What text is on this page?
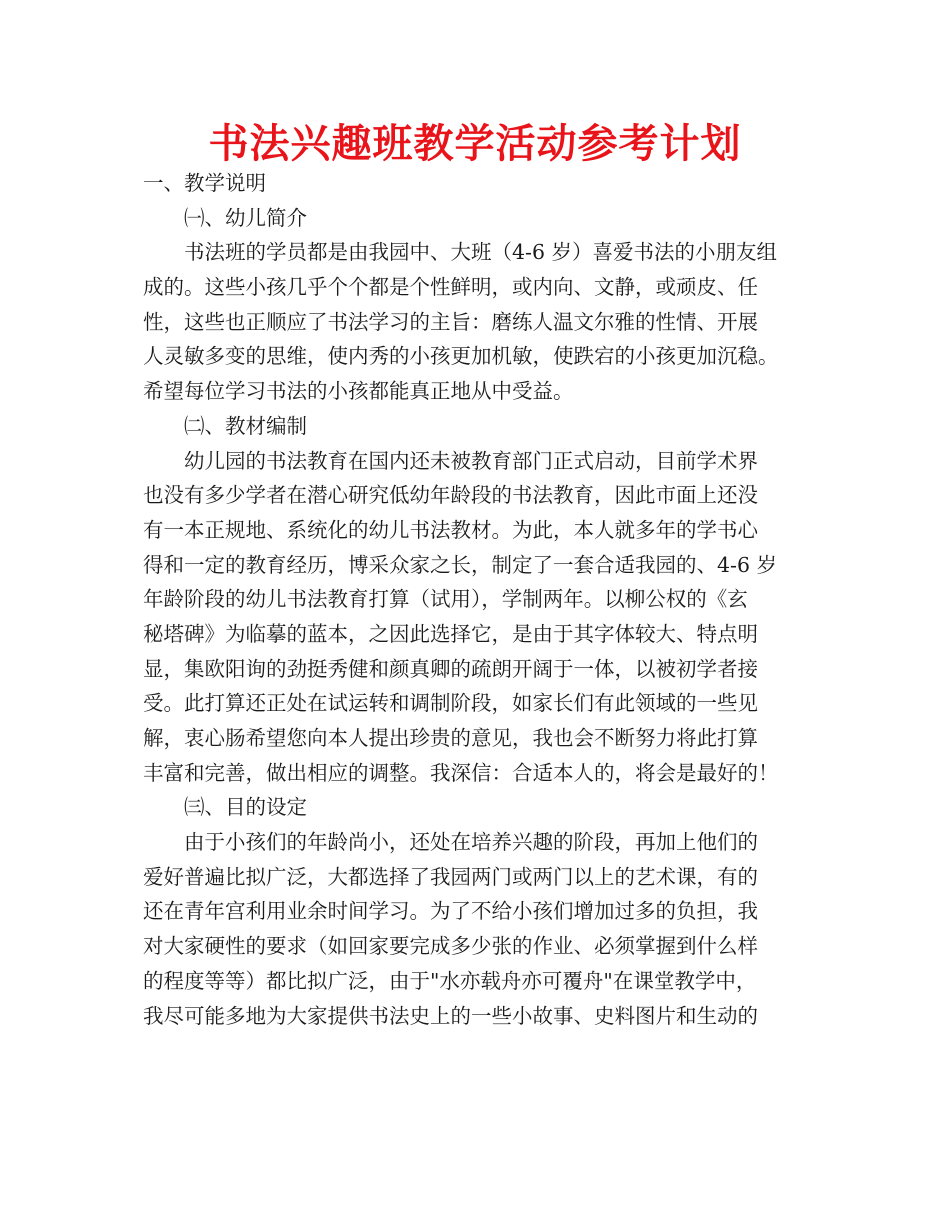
书法兴趣班教学活动参考计划
一、教学说明
㈠、幼儿简介
书法班的学员都是由我园中、大班（4-6 岁）喜爱书法的小朋友组
成的。这些小孩几乎个个都是个性鲜明，或内向、文静，或顽皮、任
性，这些也正顺应了书法学习的主旨：磨练人温文尔雅的性情、开展
人灵敏多变的思维，使内秀的小孩更加机敏，使跌宕的小孩更加沉稳。
希望每位学习书法的小孩都能真正地从中受益。
㈡、教材编制
幼儿园的书法教育在国内还未被教育部门正式启动，目前学术界
也没有多少学者在潜心研究低幼年龄段的书法教育，因此市面上还没
有一本正规地、系统化的幼儿书法教材。为此，本人就多年的学书心
得和一定的教育经历，博采众家之长，制定了一套合适我园的、4-6 岁
年龄阶段的幼儿书法教育打算（试用），学制两年。以柳公权的《玄
秘塔碑》为临摹的蓝本，之因此选择它，是由于其字体较大、特点明
显，集欧阳询的劲挺秀健和颜真卿的疏朗开阔于一体，以被初学者接
受。此打算还正处在试运转和调制阶段，如家长们有此领域的一些见
解，衷心肠希望您向本人提出珍贵的意见，我也会不断努力将此打算
丰富和完善，做出相应的调整。我深信：合适本人的，将会是最好的！
㈢、目的设定
由于小孩们的年龄尚小，还处在培养兴趣的阶段，再加上他们的
爱好普遍比拟广泛，大都选择了我园两门或两门以上的艺术课，有的
还在青年宫利用业余时间学习。为了不给小孩们增加过多的负担，我
对大家硬性的要求（如回家要完成多少张的作业、必须掌握到什么样
的程度等等）都比拟广泛，由于"水亦载舟亦可覆舟"在课堂教学中，
我尽可能多地为大家提供书法史上的一些小故事、史料图片和生动的
